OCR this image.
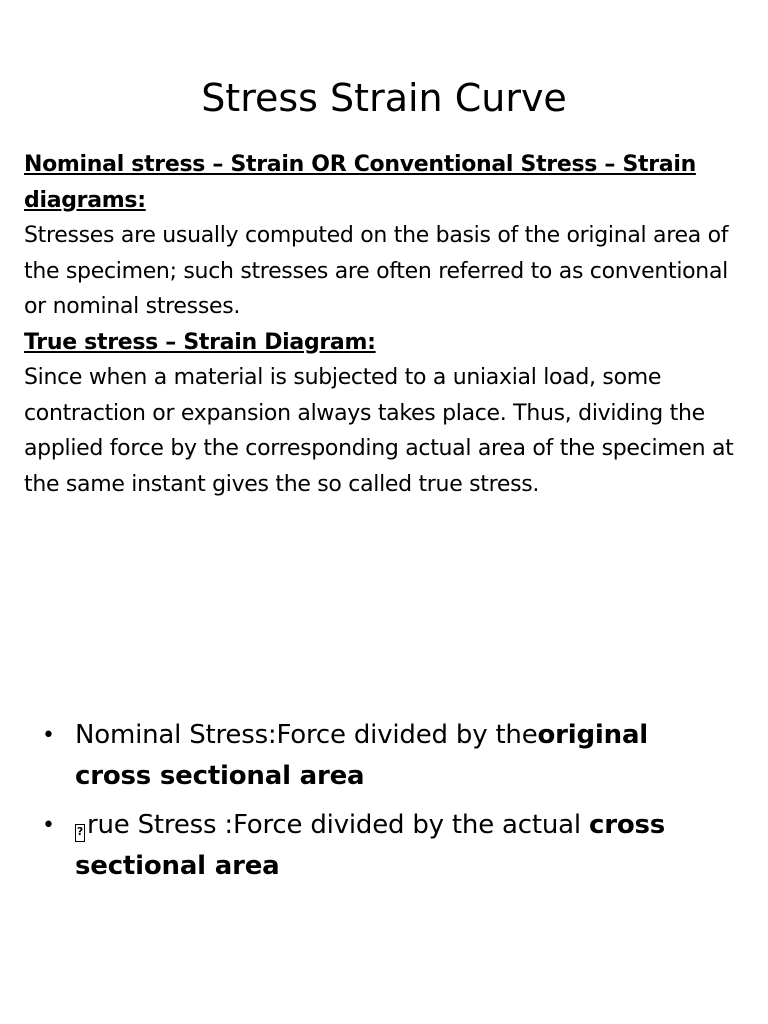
Stress Strain Curve

Nominal stress – Strain OR Conventional Stress – Strain diagrams:

Stresses are usually computed on the basis of the original area of the specimen; such stresses are often referred to as conventional or nominal stresses.

True stress – Strain Diagram:

Since when a material is subjected to a uniaxial load, some contraction or expansion always takes place. Thus, dividing the applied force by the corresponding actual area of the specimen at the same instant gives the so called true stress.

• Nominal Stress:Force divided by theoriginal cross sectional area
• ? rue Stress :Force divided by the actual cross sectional area
